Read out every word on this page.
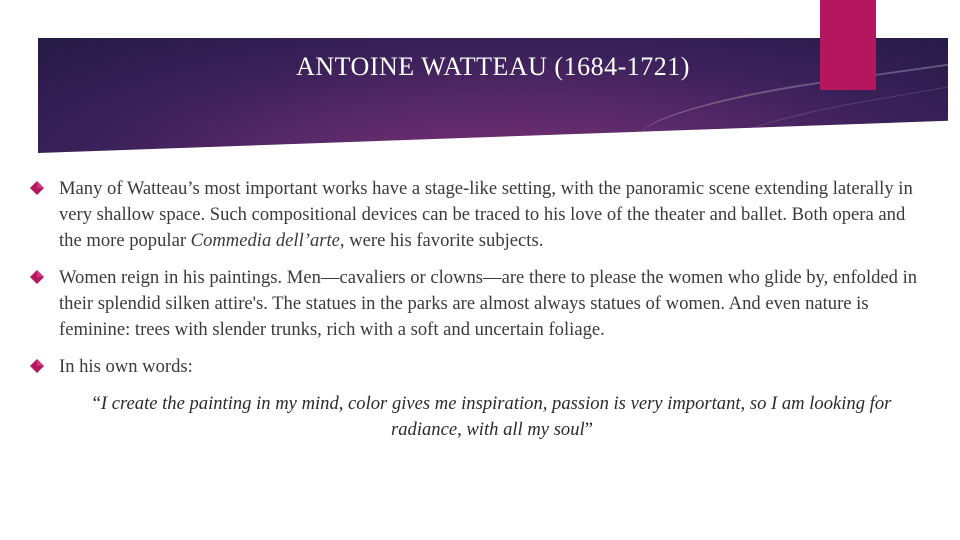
ANTOINE WATTEAU (1684-1721)

Many of Watteau’s most important works have a stage-like setting, with the panoramic scene extending laterally in very shallow space. Such compositional devices can be traced to his love of the theater and ballet. Both opera and the more popular Commedia dell’arte, were his favorite subjects.

Women reign in his paintings. Men—cavaliers or clowns—are there to please the women who glide by, enfolded in their splendid silken attire's. The statues in the parks are almost always statues of women. And even nature is feminine: trees with slender trunks, rich with a soft and uncertain foliage.

In his own words:

“I create the painting in my mind, color gives me inspiration, passion is very important, so I am looking for radiance, with all my soul”
